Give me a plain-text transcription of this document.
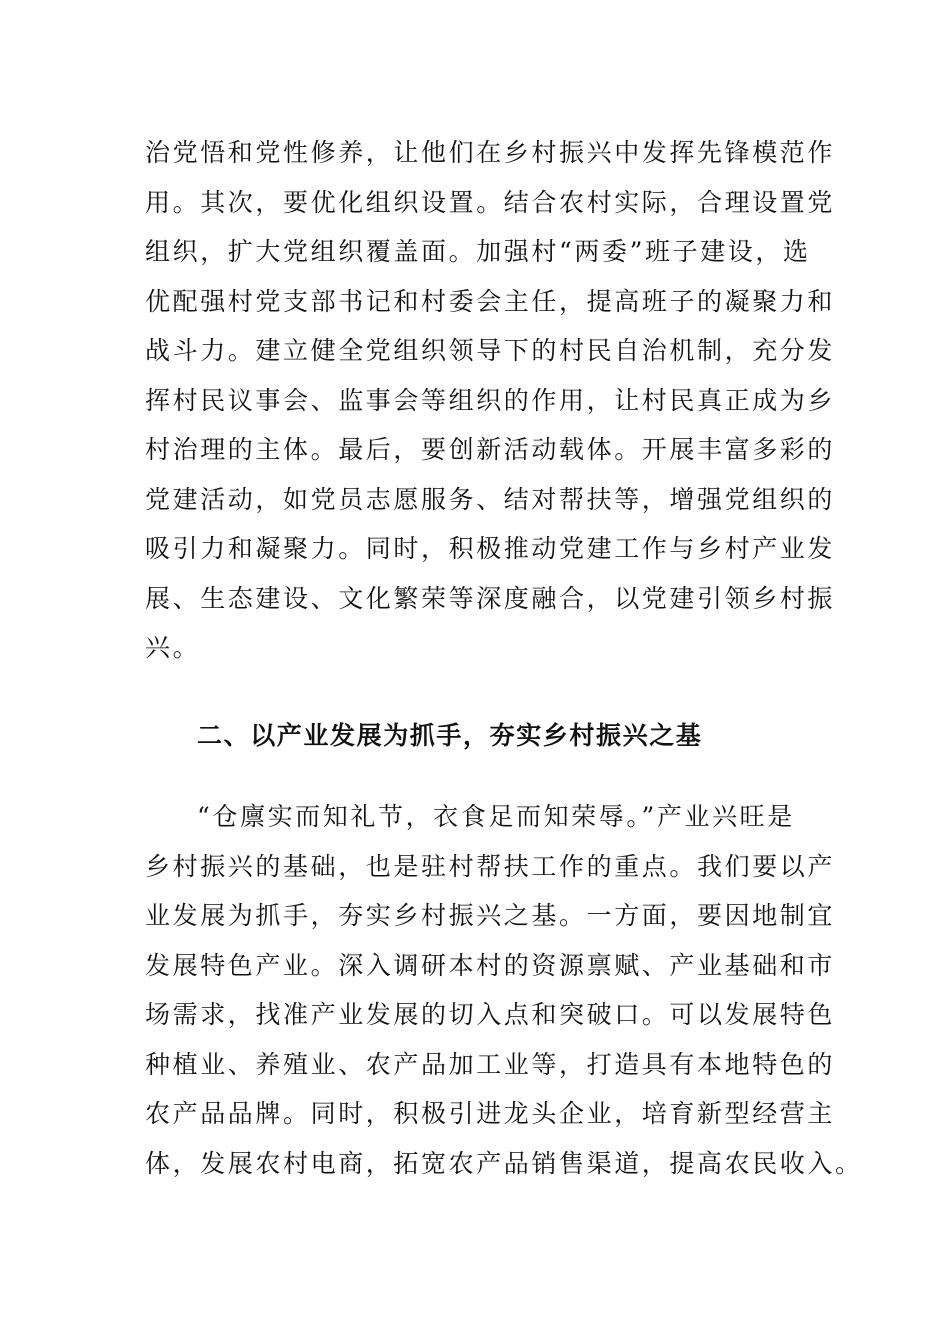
治党悟和党性修养，让他们在乡村振兴中发挥先锋模范作
用。其次，要优化组织设置。结合农村实际，合理设置党
组织，扩大党组织覆盖面。加强村“两委”班子建设，选
优配强村党支部书记和村委会主任，提高班子的凝聚力和
战斗力。建立健全党组织领导下的村民自治机制，充分发
挥村民议事会、监事会等组织的作用，让村民真正成为乡
村治理的主体。最后，要创新活动载体。开展丰富多彩的
党建活动，如党员志愿服务、结对帮扶等，增强党组织的
吸引力和凝聚力。同时，积极推动党建工作与乡村产业发
展、生态建设、文化繁荣等深度融合，以党建引领乡村振
兴。
二、以产业发展为抓手，夯实乡村振兴之基
“仓廪实而知礼节，衣食足而知荣辱。”产业兴旺是
乡村振兴的基础，也是驻村帮扶工作的重点。我们要以产
业发展为抓手，夯实乡村振兴之基。一方面，要因地制宜
发展特色产业。深入调研本村的资源禀赋、产业基础和市
场需求，找准产业发展的切入点和突破口。可以发展特色
种植业、养殖业、农产品加工业等，打造具有本地特色的
农产品品牌。同时，积极引进龙头企业，培育新型经营主
体，发展农村电商，拓宽农产品销售渠道，提高农民收入。
